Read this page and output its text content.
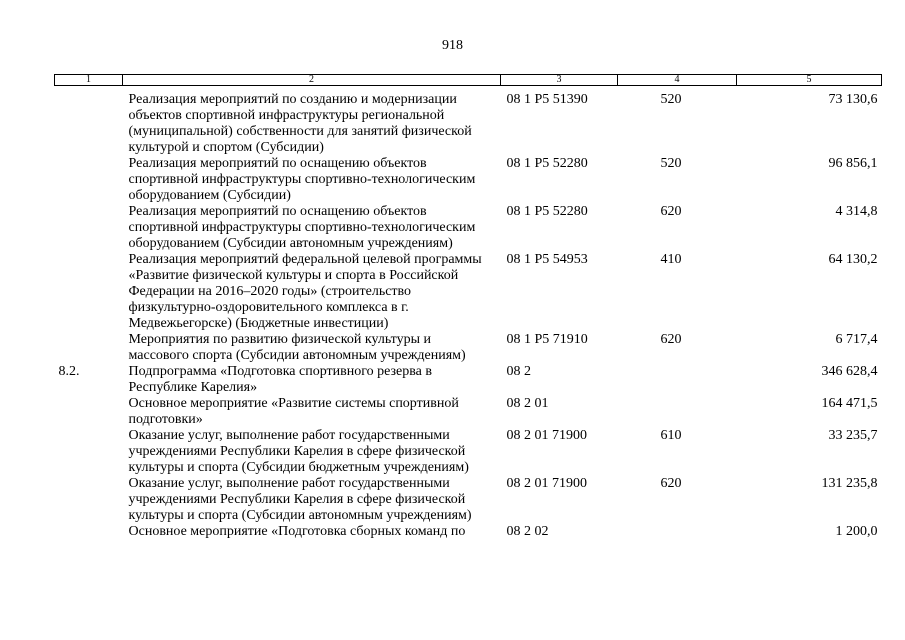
918
1	2	3	4	5

	Реализация мероприятий по созданию и модернизации объектов спортивной инфраструктуры региональной (муниципальной) собственности для занятий физической культурой и спортом (Субсидии)	08 1 Р5 51390	520	73 130,6

	Реализация мероприятий по оснащению объектов спортивной инфраструктуры спортивно-технологическим оборудованием (Субсидии)	08 1 Р5 52280	520	96 856,1

	Реализация мероприятий по оснащению объектов спортивной инфраструктуры спортивно-технологическим оборудованием (Субсидии автономным учреждениям)	08 1 Р5 52280	620	4 314,8

	Реализация мероприятий федеральной целевой программы «Развитие физической культуры и спорта в Российской Федерации на 2016–2020 годы» (строительство физкультурно-оздоровительного комплекса в г. Медвежьегорске) (Бюджетные инвестиции)	08 1 Р5 54953	410	64 130,2

	Мероприятия по развитию физической культуры и массового спорта (Субсидии автономным учреждениям)	08 1 Р5 71910	620	6 717,4

8.2.	Подпрограмма «Подготовка спортивного резерва в Республике Карелия»	08 2		346 628,4

	Основное мероприятие «Развитие системы спортивной подготовки»	08 2 01		164 471,5

	Оказание услуг, выполнение работ государственными учреждениями Республики Карелия в сфере физической культуры и спорта (Субсидии бюджетным учреждениям)	08 2 01 71900	610	33 235,7

	Оказание услуг, выполнение работ государственными учреждениями Республики Карелия в сфере физической культуры и спорта (Субсидии автономным учреждениям)	08 2 01 71900	620	131 235,8

	Основное мероприятие «Подготовка сборных команд по	08 2 02		1 200,0
